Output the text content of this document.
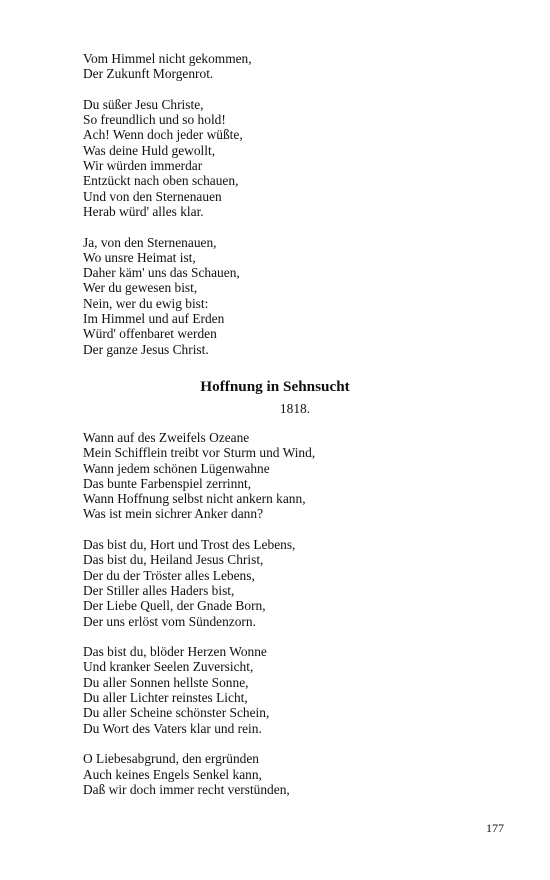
Vom Himmel nicht gekommen,
Der Zukunft Morgenrot.
Du süßer Jesu Christe,
So freundlich und so hold!
Ach! Wenn doch jeder wüßte,
Was deine Huld gewollt,
Wir würden immerdar
Entzückt nach oben schauen,
Und von den Sternenauen
Herab würd' alles klar.
Ja, von den Sternenauen,
Wo unsre Heimat ist,
Daher käm' uns das Schauen,
Wer du gewesen bist,
Nein, wer du ewig bist:
Im Himmel und auf Erden
Würd' offenbaret werden
Der ganze Jesus Christ.
Hoffnung in Sehnsucht
1818.
Wann auf des Zweifels Ozeane
Mein Schifflein treibt vor Sturm und Wind,
Wann jedem schönen Lügenwahne
Das bunte Farbenspiel zerrinnt,
Wann Hoffnung selbst nicht ankern kann,
Was ist mein sichrer Anker dann?
Das bist du, Hort und Trost des Lebens,
Das bist du, Heiland Jesus Christ,
Der du der Tröster alles Lebens,
Der Stiller alles Haders bist,
Der Liebe Quell, der Gnade Born,
Der uns erlöst vom Sündenzorn.
Das bist du, blöder Herzen Wonne
Und kranker Seelen Zuversicht,
Du aller Sonnen hellste Sonne,
Du aller Lichter reinstes Licht,
Du aller Scheine schönster Schein,
Du Wort des Vaters klar und rein.
O Liebesabgrund, den ergründen
Auch keines Engels Senkel kann,
Daß wir doch immer recht verstünden,
177
